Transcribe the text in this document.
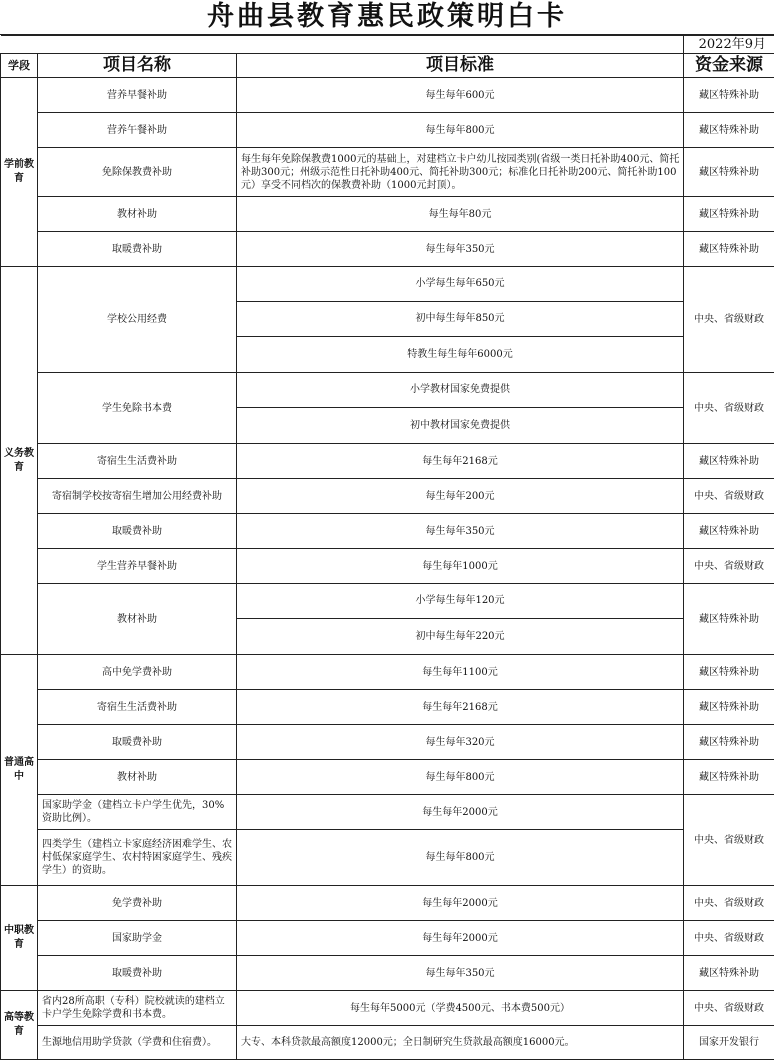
舟曲县教育惠民政策明白卡
			2022年9月
学段	项目名称	项目标准	资金来源
学前教育	营养早餐补助	每生每年600元	藏区特殊补助
	营养午餐补助	每生每年800元	藏区特殊补助
	免除保教费补助	每生每年免除保教费1000元的基础上，对建档立卡户幼儿按园类别(省级一类日托补助400元、简托补助300元；州级示范性日托补助400元、简托补助300元；标准化日托补助200元、简托补助100元）享受不同档次的保教费补助（1000元封顶）。	藏区特殊补助
	教材补助	每生每年80元	藏区特殊补助
	取暖费补助	每生每年350元	藏区特殊补助
义务教育	学校公用经费	小学每生每年650元
初中每生每年850元
特教生每生每年6000元	中央、省级财政
	学生免除书本费	小学教材国家免费提供
初中教材国家免费提供	中央、省级财政
	寄宿生生活费补助	每生每年2168元	藏区特殊补助
	寄宿制学校按寄宿生增加公用经费补助	每生每年200元	中央、省级财政
	取暖费补助	每生每年350元	藏区特殊补助
	学生营养早餐补助	每生每年1000元	中央、省级财政
	教材补助	小学每生每年120元
初中每生每年220元	藏区特殊补助
普通高中	高中免学费补助	每生每年1100元	藏区特殊补助
	寄宿生生活费补助	每生每年2168元	藏区特殊补助
	取暖费补助	每生每年320元	藏区特殊补助
	教材补助	每生每年800元	藏区特殊补助
	国家助学金（建档立卡户学生优先，30%资助比例）。	每生每年2000元	中央、省级财政
	四类学生（建档立卡家庭经济困难学生、农村低保家庭学生、农村特困家庭学生、残疾学生）的资助。	每生每年800元	
中职教育	免学费补助	每生每年2000元	中央、省级财政
	国家助学金	每生每年2000元	中央、省级财政
	取暖费补助	每生每年350元	藏区特殊补助
高等教育	省内28所高职（专科）院校就读的建档立卡户学生免除学费和书本费。	每生每年5000元（学费4500元、书本费500元）	中央、省级财政
	生源地信用助学贷款（学费和住宿费）。	大专、本科贷款最高额度12000元；全日制研究生贷款最高额度16000元。	国家开发银行
